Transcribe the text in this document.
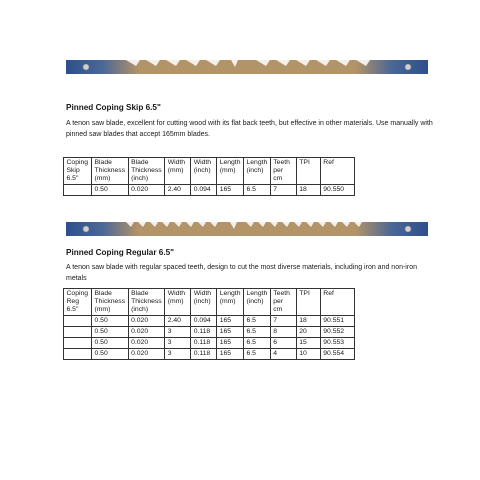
Pinned Coping Skip 6.5"

A tenon saw blade, excellent for cutting wood with its flat back teeth, but effective in other materials. Use manually with pinned saw blades that accept 165mm blades.

Coping Skip 6.5"	Blade Thickness (mm)	Blade Thickness (inch)	Width (mm)	Width (inch)	Length (mm)	Length (inch)	Teeth per cm	TPI	Ref
	0.50	0.020	2.40	0.094	165	6.5	7	18	90.550

Pinned Coping Regular 6.5"

A tenon saw blade with regular spaced teeth, design to cut the most diverse materials, including iron and non-iron metals

Coping Reg 6.5"	Blade Thickness (mm)	Blade Thickness (inch)	Width (mm)	Width (inch)	Length (mm)	Length (inch)	Teeth per cm	TPI	Ref
	0.50	0.020	2.40	0.094	165	6.5	7	18	90.551
	0.50	0.020	3	0.118	165	6.5	8	20	90.552
	0.50	0.020	3	0.118	165	6.5	6	15	90.553
	0.50	0.020	3	0.118	165	6.5	4	10	90.554
